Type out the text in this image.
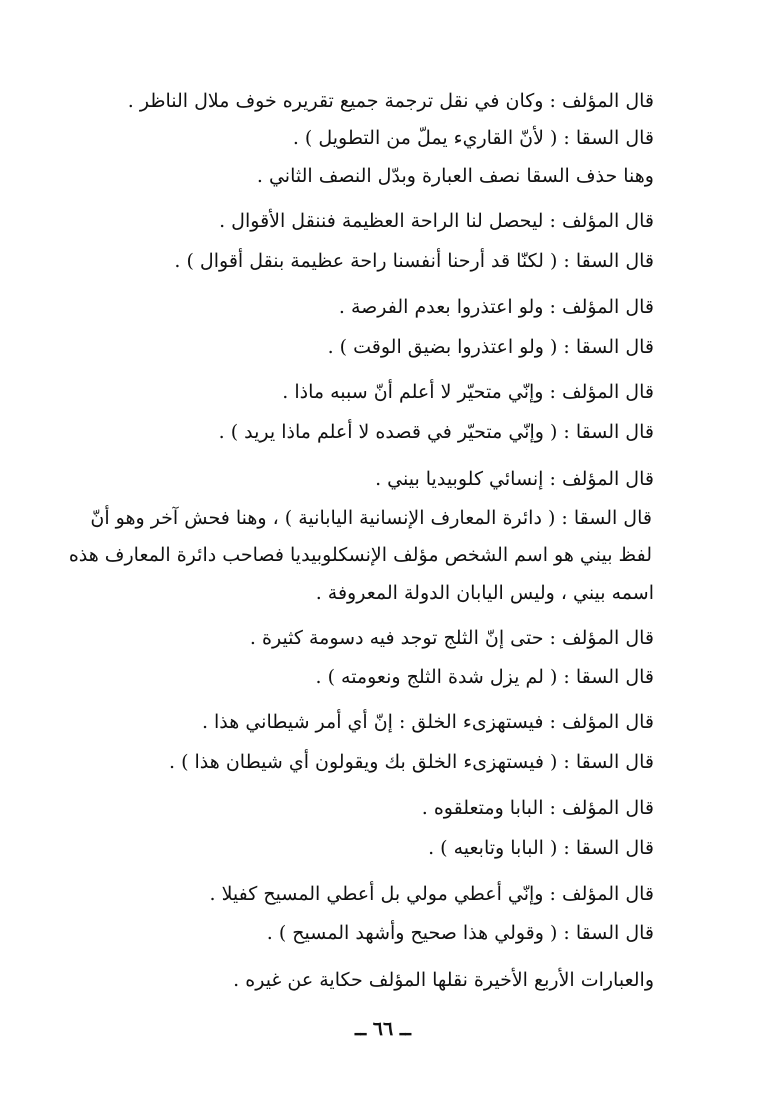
قال المؤلف : وكان في نقل ترجمة جميع تقريره خوف ملال الناظر .
قال السقا : ( لأنّ القاريء يملّ من التطويل ) .
وهنا حذف السقا نصف العبارة وبدّل النصف الثاني .
قال المؤلف : ليحصل لنا الراحة العظيمة فننقل الأقوال .
قال السقا : ( لكنّا قد أرحنا أنفسنا راحة عظيمة بنقل أقوال ) .
قال المؤلف : ولو اعتذروا بعدم الفرصة .
قال السقا : ( ولو اعتذروا بضيق الوقت ) .
قال المؤلف : وإنّي متحيّر لا أعلم أنّ سببه ماذا .
قال السقا : ( وإنّي متحيّر في قصده لا أعلم ماذا يريد ) .
قال المؤلف : إنسائي كلوبيديا بيني .
قال السقا : ( دائرة المعارف الإنسانية اليابانية ) ، وهنا فحش آخر وهو أنّ
لفظ بيني هو اسم الشخص مؤلف الإنسكلوبيديا فصاحب دائرة المعارف هذه
اسمه بيني ، وليس اليابان الدولة المعروفة .
قال المؤلف : حتى إنّ الثلج توجد فيه دسومة كثيرة .
قال السقا : ( لم يزل شدة الثلج ونعومته ) .
قال المؤلف : فيستهزىء الخلق : إنّ أي أمر شيطاني هذا .
قال السقا : ( فيستهزىء الخلق بك ويقولون أي شيطان هذا ) .
قال المؤلف : البابا ومتعلقوه .
قال السقا : ( البابا وتابعيه ) .
قال المؤلف : وإنّي أعطي مولي بل أعطي المسيح كفيلا .
قال السقا : ( وقولي هذا صحيح وأشهد المسيح ) .
والعبارات الأربع الأخيرة نقلها المؤلف حكاية عن غيره .
ــ ٦٦ ــ
